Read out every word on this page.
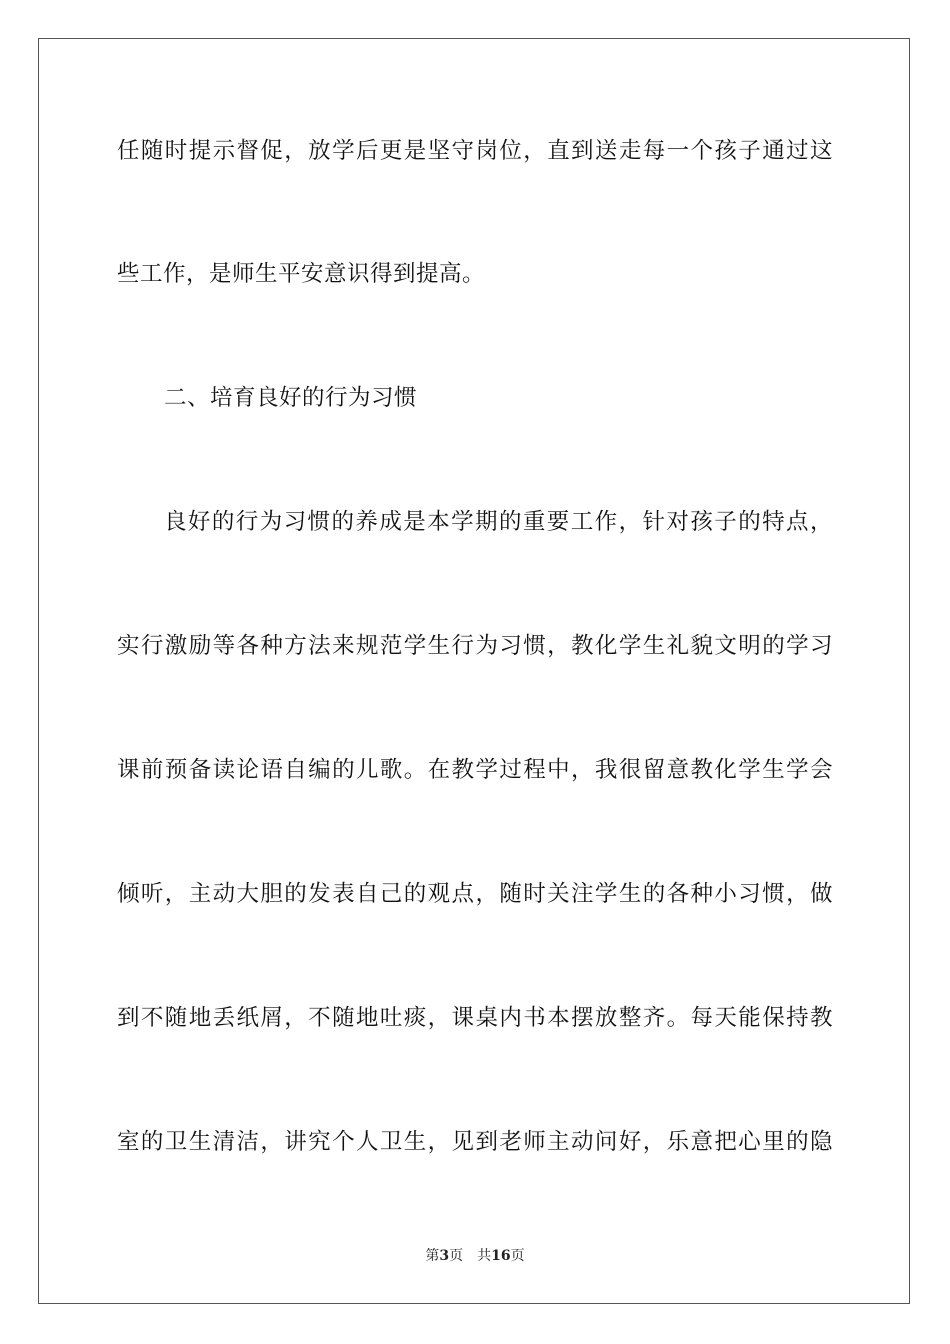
任随时提示督促，放学后更是坚守岗位，直到送走每一个孩子通过这
些工作，是师生平安意识得到提高。
二、培育良好的行为习惯
良好的行为习惯的养成是本学期的重要工作，针对孩子的特点，
实行激励等各种方法来规范学生行为习惯，教化学生礼貌文明的学习
课前预备读论语自编的儿歌。在教学过程中，我很留意教化学生学会
倾听，主动大胆的发表自己的观点，随时关注学生的各种小习惯，做
到不随地丢纸屑，不随地吐痰，课桌内书本摆放整齐。每天能保持教
室的卫生清洁，讲究个人卫生，见到老师主动问好，乐意把心里的隐
第3页 共16页
